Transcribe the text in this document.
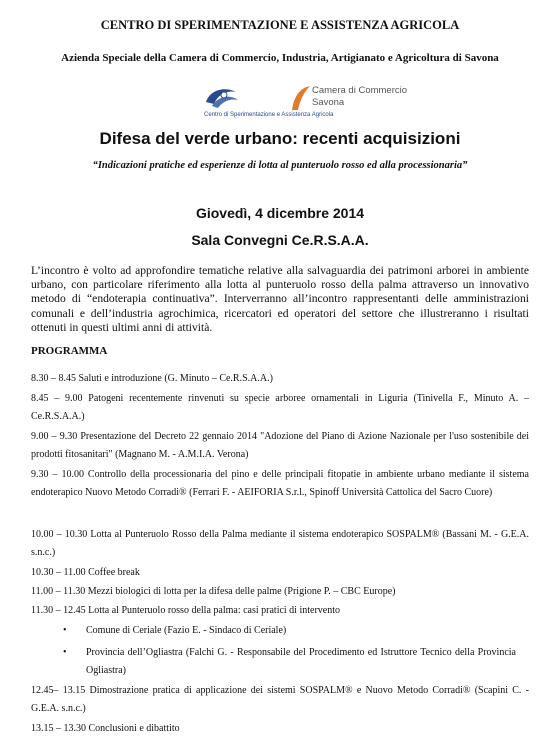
CENTRO DI SPERIMENTAZIONE E ASSISTENZA AGRICOLA
Azienda Speciale della Camera di Commercio, Industria, Artigianato e Agricoltura di Savona
Centro di Sperimentazione e Assistenza Agricola
Camera di Commercio
Savona
Difesa del verde urbano: recenti acquisizioni
“Indicazioni pratiche ed esperienze di lotta al punteruolo rosso ed alla processionaria”
Giovedì, 4 dicembre 2014
Sala Convegni Ce.R.S.A.A.
L’incontro è volto ad approfondire tematiche relative alla salvaguardia dei patrimoni arborei in ambiente urbano, con particolare riferimento alla lotta al punteruolo rosso della palma attraverso un innovativo metodo di “endoterapia continuativa”. Interverranno all’incontro rappresentanti delle amministrazioni comunali e dell’industria agrochimica, ricercatori ed operatori del settore che illustreranno i risultati ottenuti in questi ultimi anni di attività.
PROGRAMMA

8.30 – 8.45 Saluti e introduzione (G. Minuto – Ce.R.S.A.A.)

8.45 – 9.00 Patogeni recentemente rinvenuti su specie arboree ornamentali in Liguria (Tinivella F., Minuto A. – Ce.R.S.A.A.)

9.00 – 9.30 Presentazione del Decreto 22 gennaio 2014 "Adozione del Piano di Azione Nazionale per l'uso sostenibile dei prodotti fitosanitari" (Magnano M. - A.M.I.A. Verona)

9.30 – 10.00 Controllo della processionaria del pino e delle principali fitopatie in ambiente urbano mediante il sistema endoterapico Nuovo Metodo Corradi® (Ferrari F. - AEIFORIA S.r.l., Spinoff Università Cattolica del Sacro Cuore)

10.00 – 10.30 Lotta al Punteruolo Rosso della Palma mediante il sistema endoterapico SOSPALM® (Bassani M. - G.E.A. s.n.c.)

10.30 – 11.00 Coffee break

11.00 – 11.30 Mezzi biologici di lotta per la difesa delle palme (Prigione P. – CBC Europe)

11.30 – 12.45 Lotta al Punteruolo rosso della palma: casi pratici di intervento

• Comune di Ceriale (Fazio E. - Sindaco di Ceriale)
• Provincia dell’Ogliastra (Falchi G. - Responsabile del Procedimento ed Istruttore Tecnico della Provincia Ogliastra)

12.45– 13.15 Dimostrazione pratica di applicazione dei sistemi SOSPALM® e Nuovo Metodo Corradi® (Scapini C. - G.E.A. s.n.c.)

13.15 – 13.30 Conclusioni e dibattito
